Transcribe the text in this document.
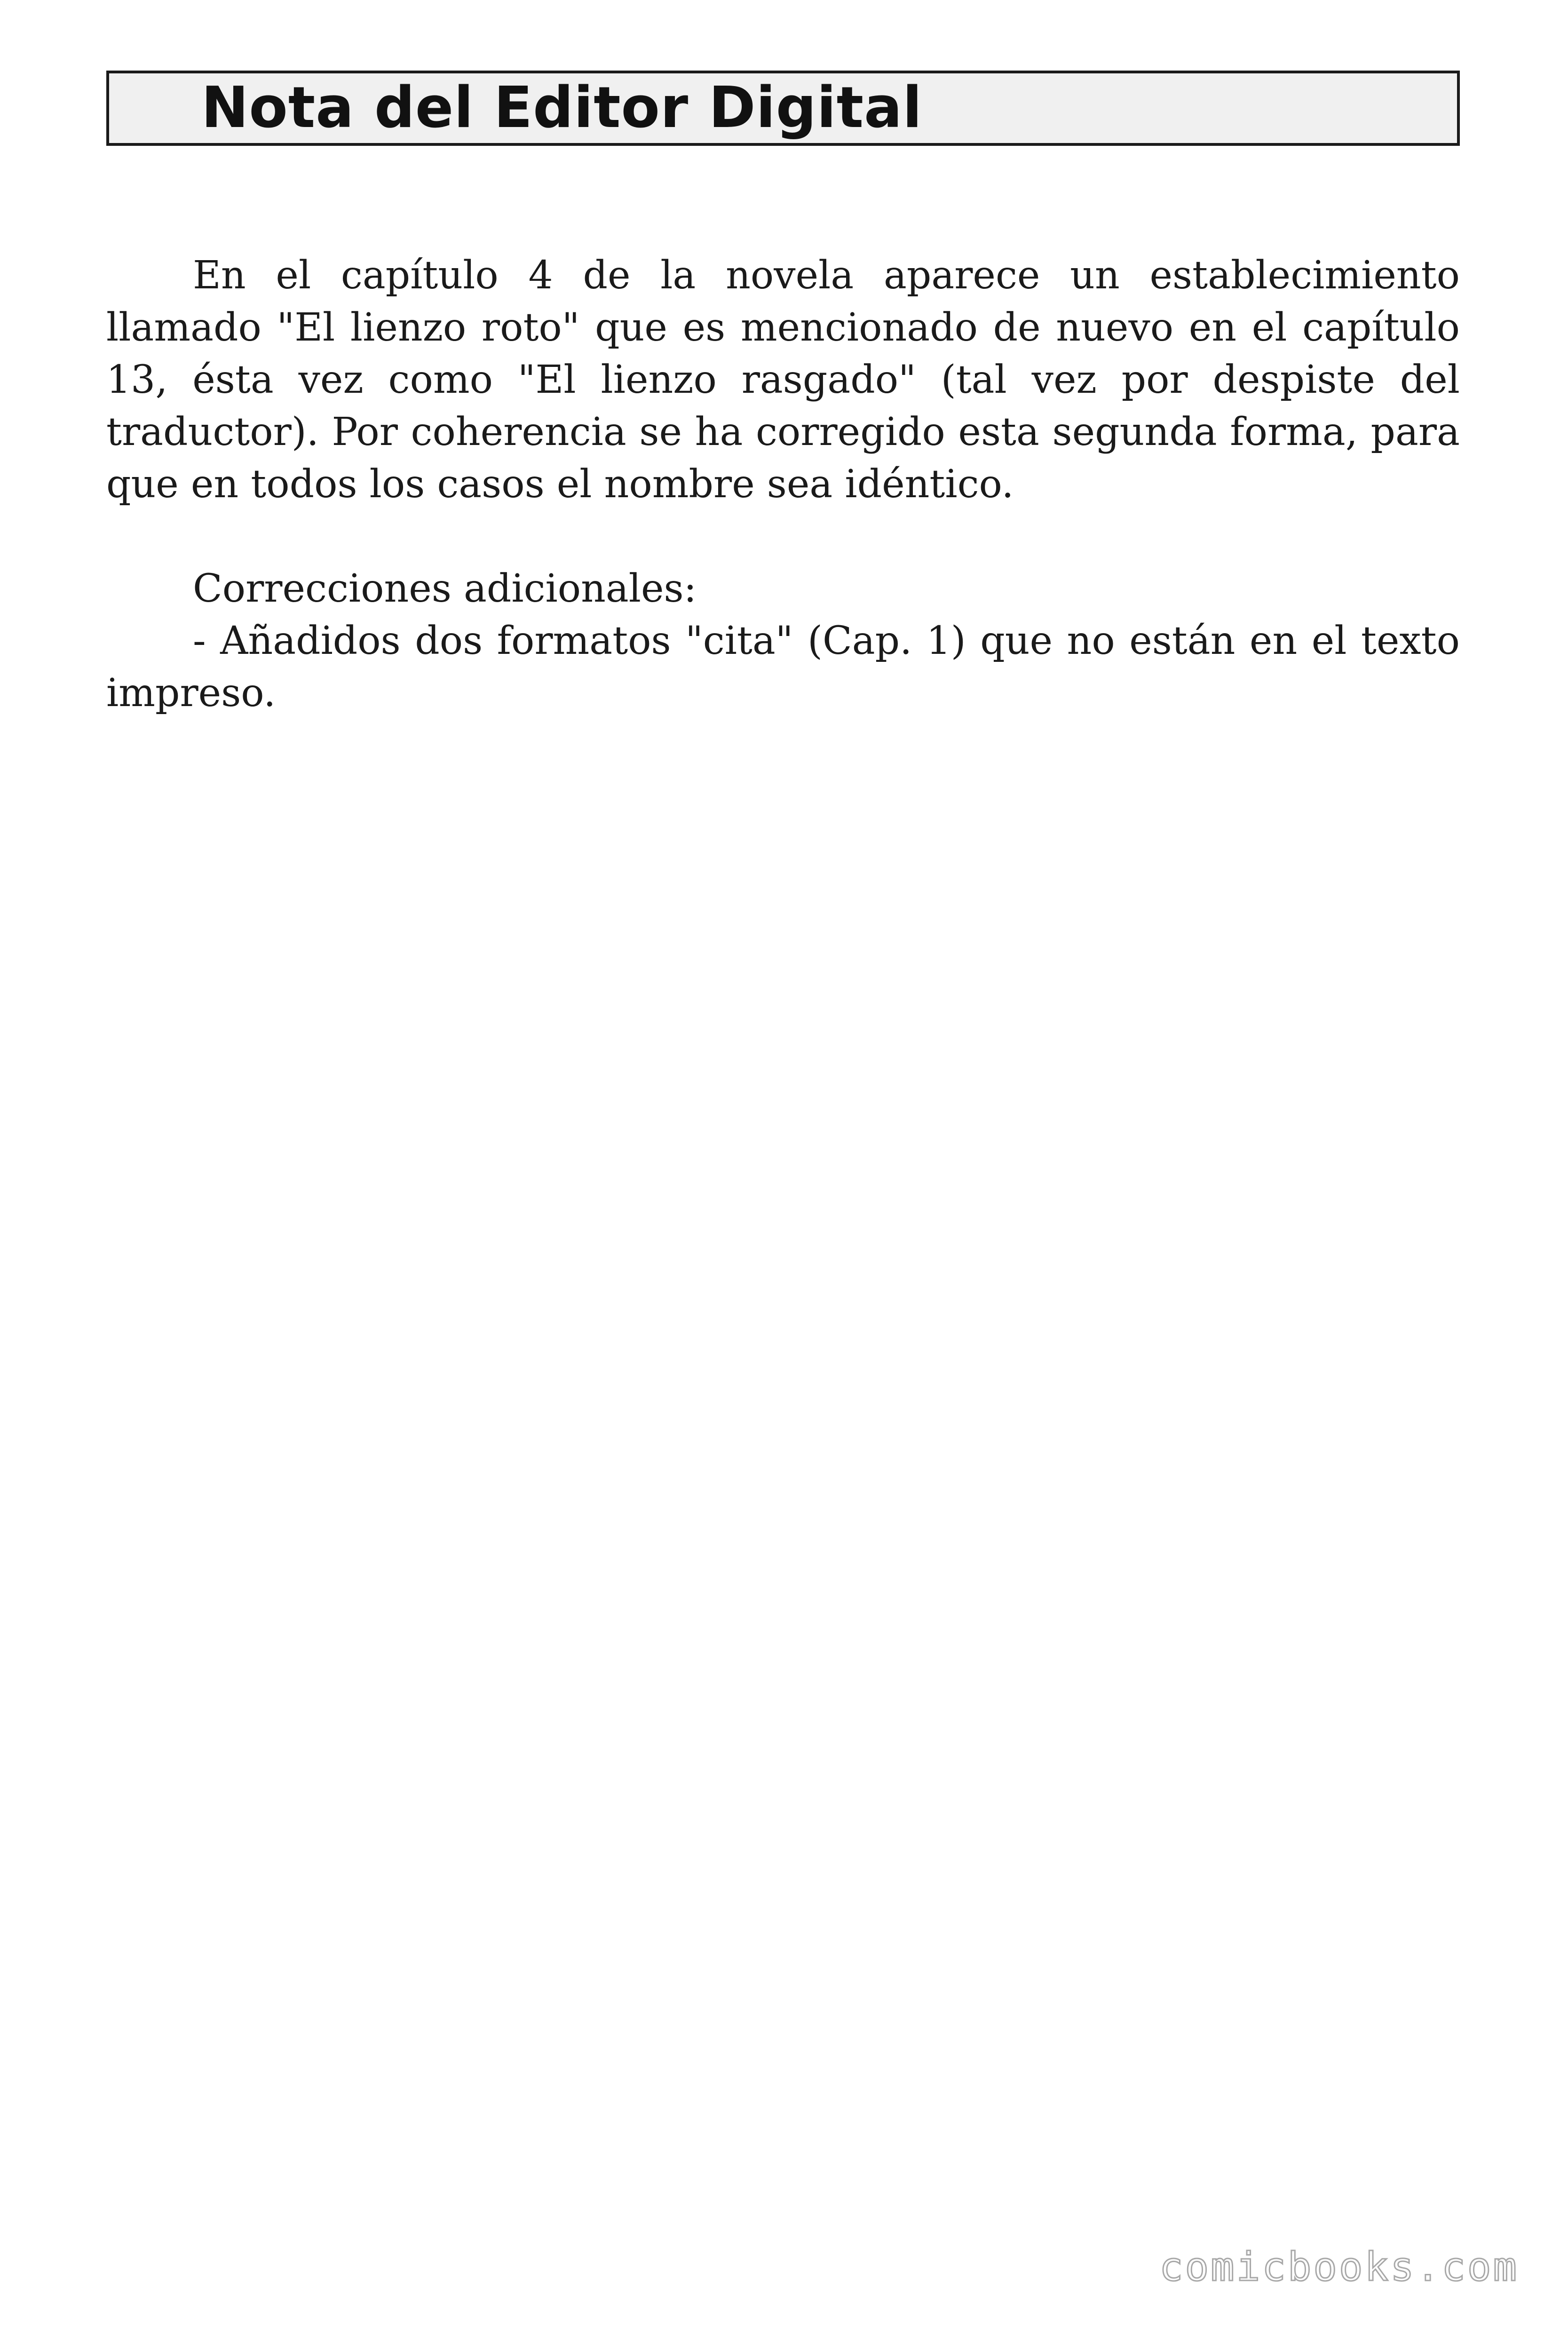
Nota del Editor Digital

En el capítulo 4 de la novela aparece un establecimiento llamado "El lienzo roto" que es mencionado de nuevo en el capítulo 13, ésta vez como "El lienzo rasgado" (tal vez por despiste del traductor). Por coherencia se ha corregido esta segunda forma, para que en todos los casos el nombre sea idéntico.

Correcciones adicionales:

- Añadidos dos formatos "cita" (Cap. 1) que no están en el texto impreso.

comicbooks.com
